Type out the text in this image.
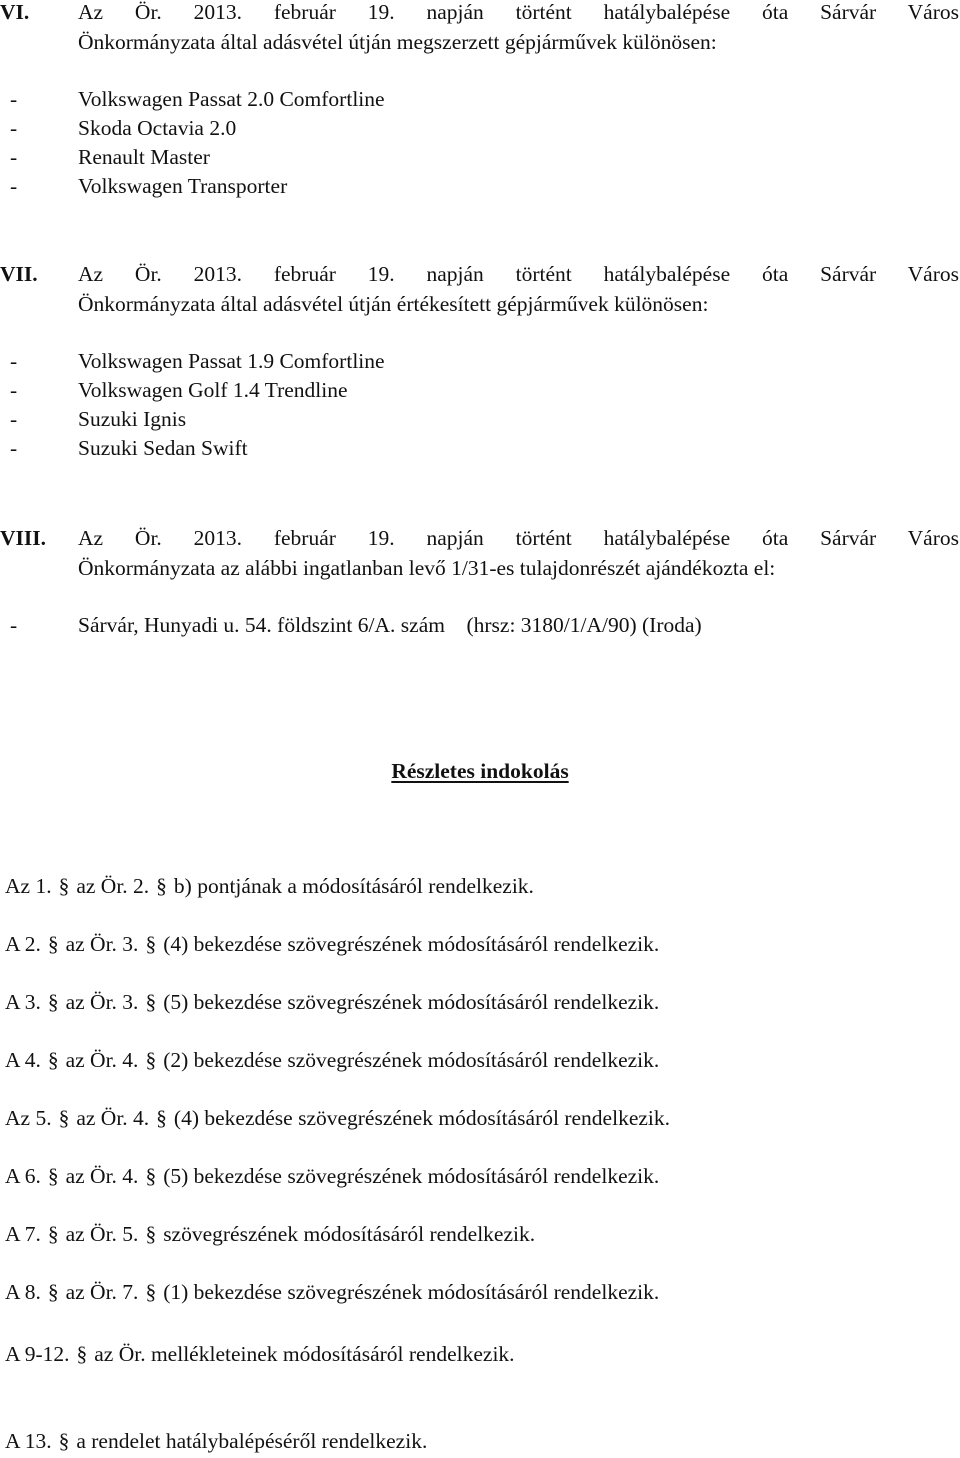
VI. Az Ör. 2013. február 19. napján történt hatálybalépése óta Sárvár Város
Önkormányzata által adásvétel útján megszerzett gépjárművek különösen:
-	Volkswagen Passat 2.0 Comfortline
-	Skoda Octavia 2.0
-	Renault Master
-	Volkswagen Transporter
VII. Az Ör. 2013. február 19. napján történt hatálybalépése óta Sárvár Város
Önkormányzata által adásvétel útján értékesített gépjárművek különösen:
-	Volkswagen Passat 1.9 Comfortline
-	Volkswagen Golf 1.4 Trendline
-	Suzuki Ignis
-	Suzuki Sedan Swift
VIII. Az Ör. 2013. február 19. napján történt hatálybalépése óta Sárvár Város
Önkormányzata az alábbi ingatlanban levő 1/31-es tulajdonrészét ajándékozta el:
-	Sárvár, Hunyadi u. 54. földszint 6/A. szám    (hrsz: 3180/1/A/90) (Iroda)
Részletes indokolás
Az 1. § az Ör. 2. § b) pontjának a módosításáról rendelkezik.
A 2. § az Ör. 3. § (4) bekezdése szövegrészének módosításáról rendelkezik.
A 3. § az Ör. 3. § (5) bekezdése szövegrészének módosításáról rendelkezik.
A 4. § az Ör. 4. § (2) bekezdése szövegrészének módosításáról rendelkezik.
Az 5. § az Ör. 4. § (4) bekezdése szövegrészének módosításáról rendelkezik.
A 6. § az Ör. 4. § (5) bekezdése szövegrészének módosításáról rendelkezik.
A 7. § az Ör. 5. § szövegrészének módosításáról rendelkezik.
A 8. § az Ör. 7. § (1) bekezdése szövegrészének módosításáról rendelkezik.
A 9-12. § az Ör. mellékleteinek módosításáról rendelkezik.
A 13. § a rendelet hatálybalépéséről rendelkezik.
